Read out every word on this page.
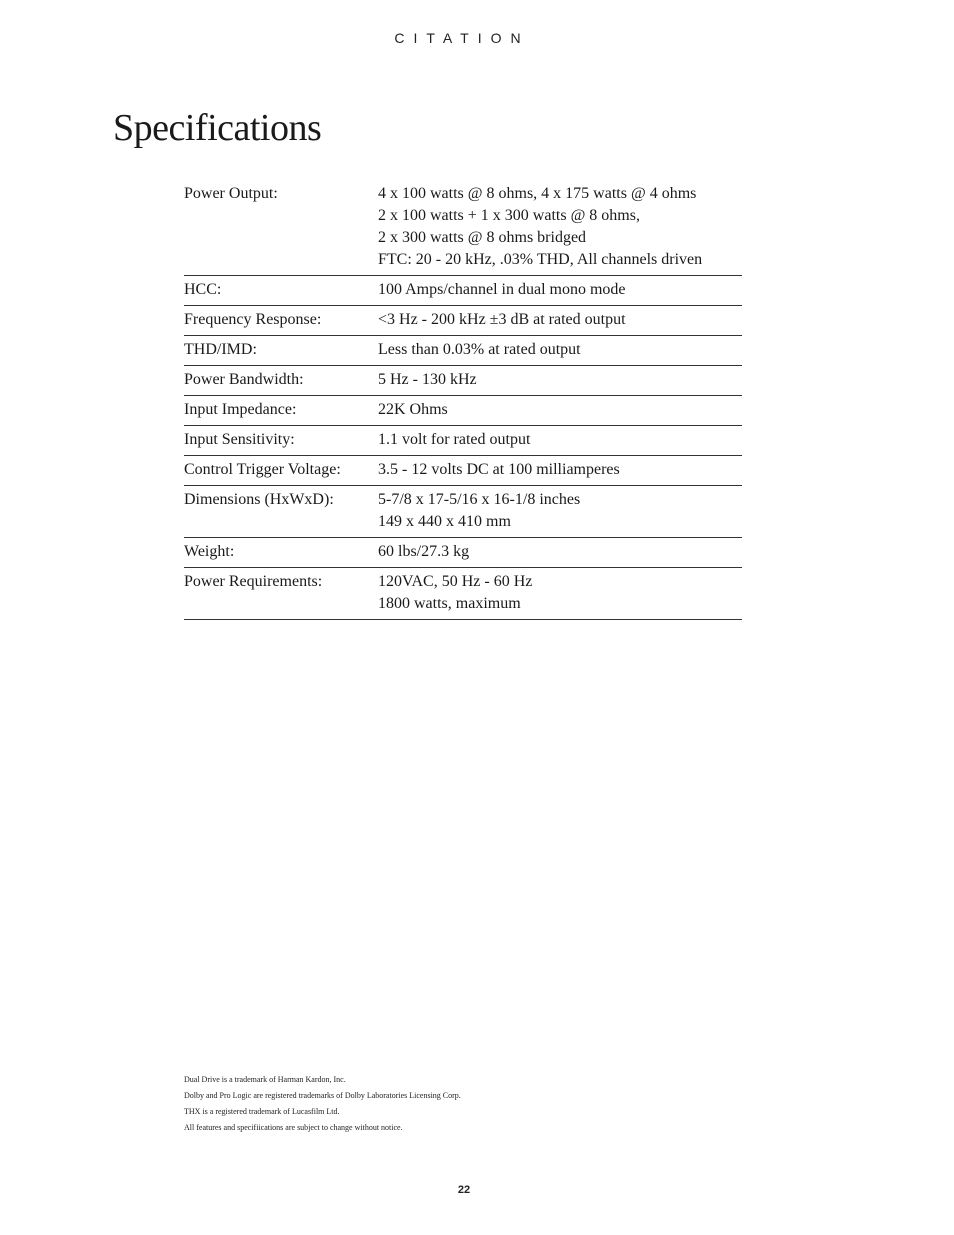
CITATION
Specifications
Power Output:	4 x 100 watts @ 8 ohms, 4 x 175 watts @ 4 ohms
2 x 100 watts + 1 x 300 watts @ 8 ohms,
2 x 300 watts @ 8 ohms bridged
FTC: 20 - 20 kHz, .03% THD, All channels driven

HCC:	100 Amps/channel in dual mono mode

Frequency Response:	<3 Hz - 200 kHz ±3 dB at rated output

THD/IMD:	Less than 0.03% at rated output

Power Bandwidth:	5 Hz - 130 kHz

Input Impedance:	22K Ohms

Input Sensitivity:	1.1 volt for rated output

Control Trigger Voltage:	3.5 - 12 volts DC at 100 milliamperes

Dimensions (HxWxD):	5-7/8 x 17-5/16 x 16-1/8 inches
149 x 440 x 410 mm

Weight:	60 lbs/27.3 kg

Power Requirements:	120VAC, 50 Hz - 60 Hz
1800 watts, maximum
Dual Drive is a trademark of Harman Kardon, Inc.
Dolby and Pro Logic are registered trademarks of Dolby Laboratories Licensing Corp.
THX is a registered trademark of Lucasfilm Ltd.
All features and specifiications are subject to change without notice.
22
